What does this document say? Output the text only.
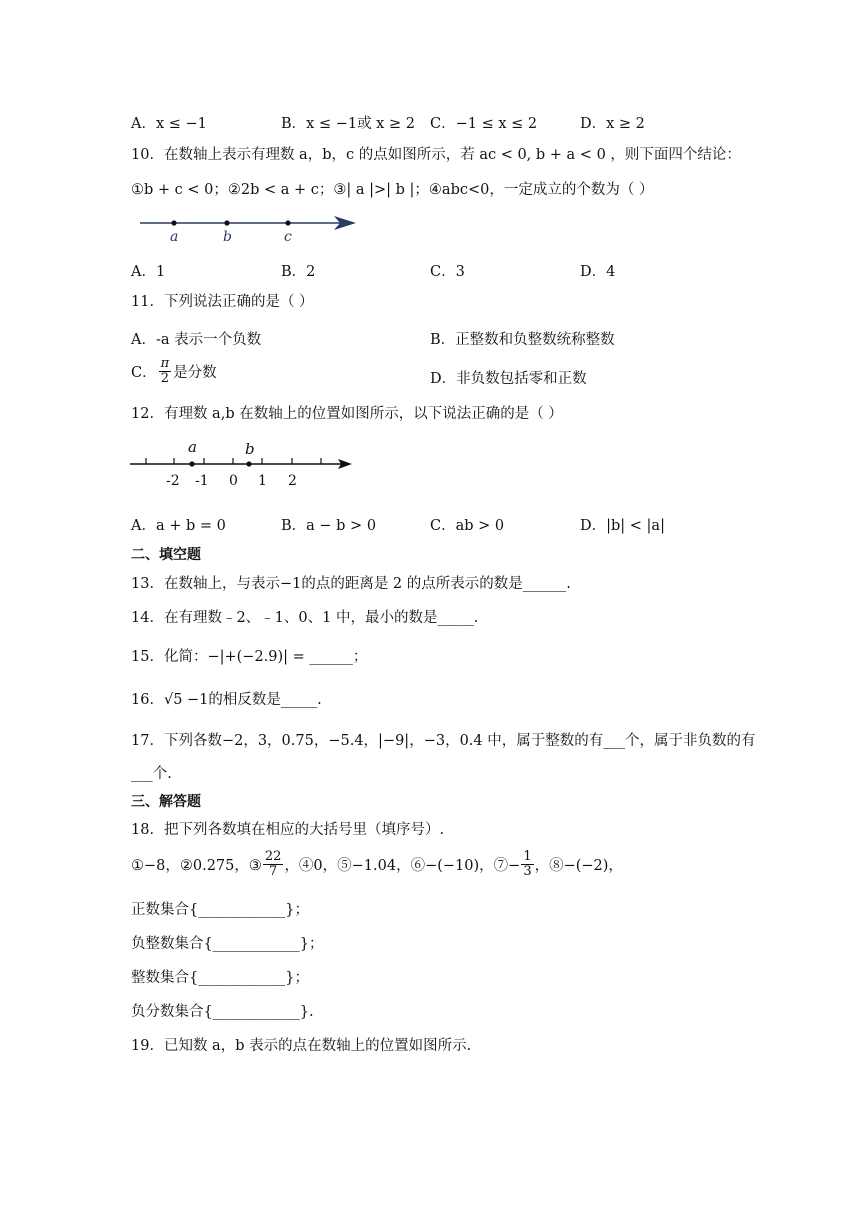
A．x ≤ −1	B．x ≤ −1或 x ≥ 2 C．−1 ≤ x ≤ 2	D．x ≥ 2
10．在数轴上表示有理数 a，b，c 的点如图所示，若 ac < 0, b + a < 0 ，则下面四个结论：
①b + c < 0；②2b < a + c；③| a |>| b |；④abc<0，一定成立的个数为（ ）
a	b	c
A．1	B．2	C．3	D．4
11．下列说法正确的是（ ）
A．-a 表示一个负数	B．正整数和负整数统称整数
C． $\frac{\pi}{2}$ 是分数	D．非负数包括零和正数
12．有理数 a,b 在数轴上的位置如图所示，以下说法正确的是（ ）
a	b
-2 -1 0 1 2
A．a + b = 0	B．a − b > 0	C．ab > 0	D．|b| < |a|
二、填空题
13．在数轴上，与表示−1的点的距离是 2 的点所表示的数是______.
14．在有理数﹣2、﹣1、0、1 中，最小的数是_____.
15．化简：−|+(−2.9)| = ______；
16．√5 −1的相反数是_____.
17．下列各数−2，3，0.75，−5.4，|−9|，−3，0.4 中，属于整数的有___个，属于非负数的有
___个.
三、解答题
18．把下列各数填在相应的大括号里（填序号）.
①−8，②0.275，③ $\frac{22}{7}$ ，④0，⑤−1.04，⑥−(−10)，⑦− $\frac{1}{3}$ ，⑧−(−2)，
正数集合{____________}；
负整数集合{____________}；
整数集合{____________}；
负分数集合{____________}.
19．已知数 a，b 表示的点在数轴上的位置如图所示.
